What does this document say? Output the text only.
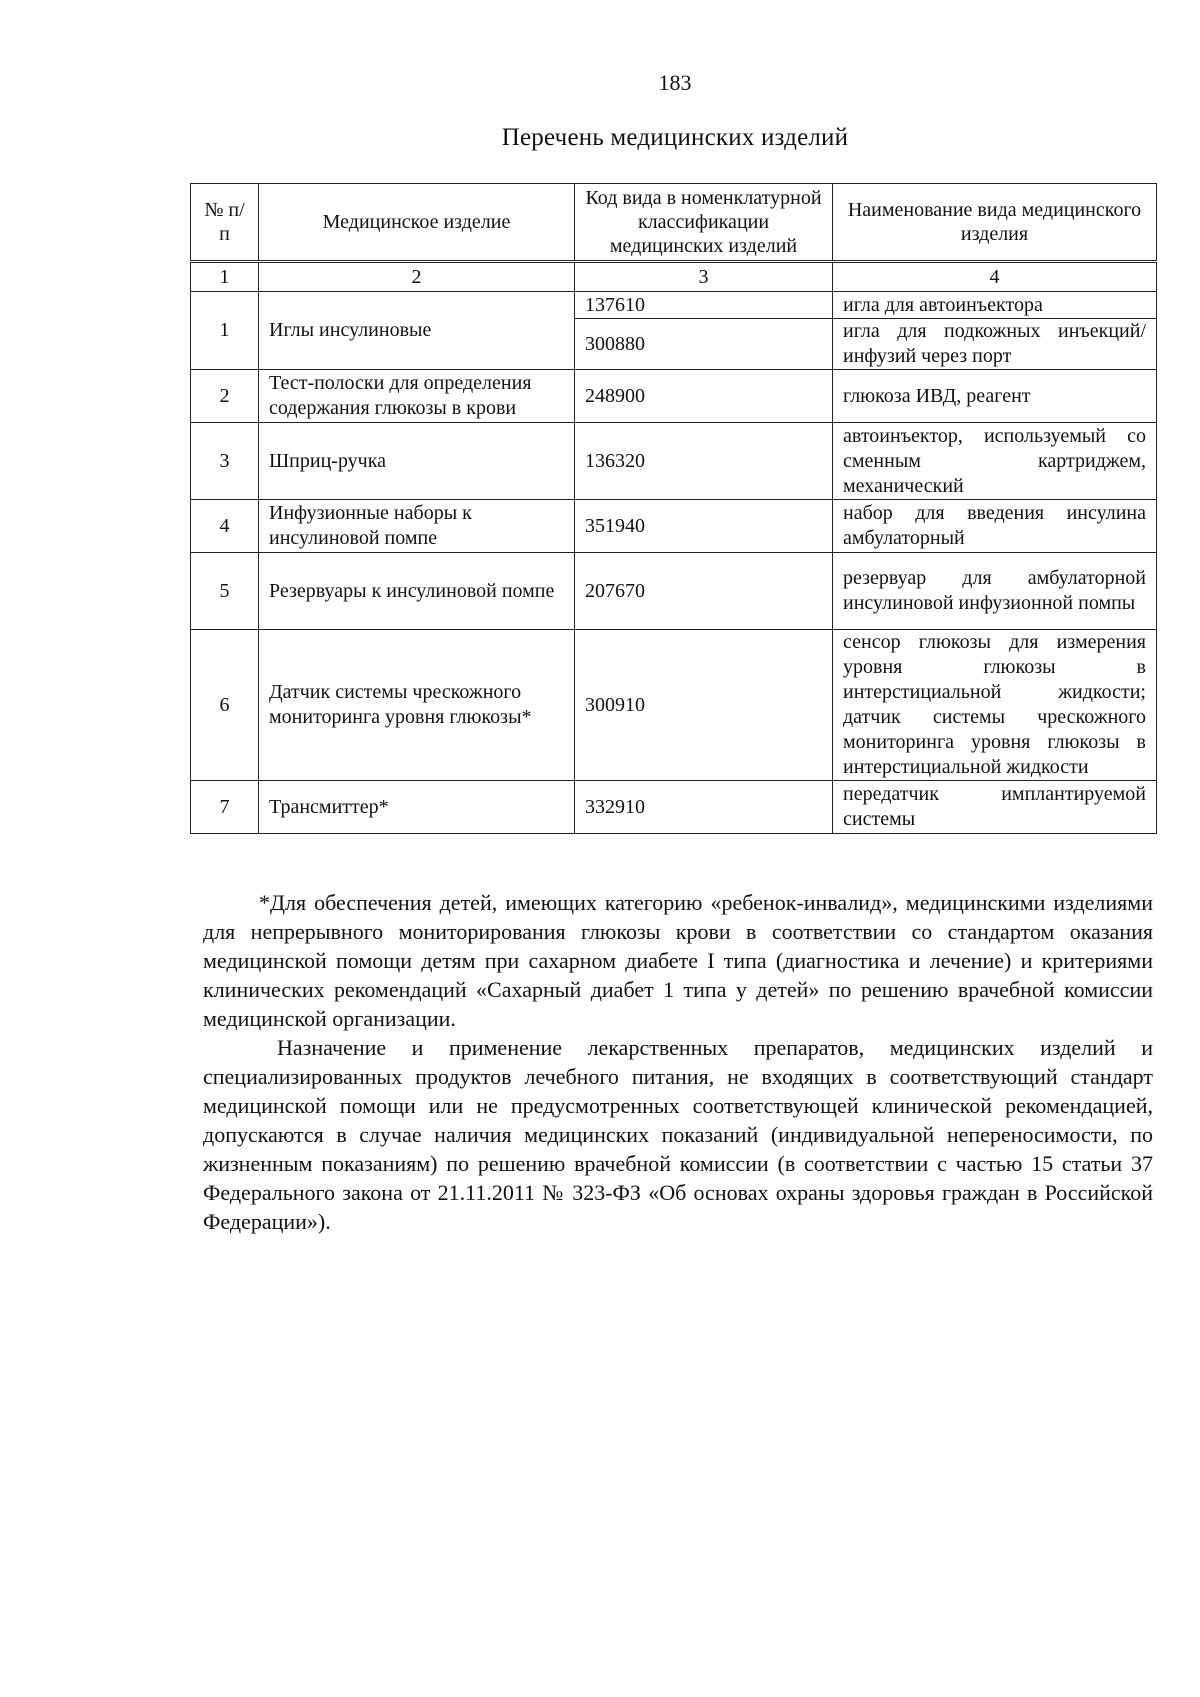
183
Перечень медицинских изделий
№ п/п	Медицинское изделие	Код вида в номенклатурной классификации медицинских изделий	Наименование вида медицинского изделия
1	2	3	4
1	Иглы инсулиновые	137610	игла для автоинъектора
		300880	игла для подкожных инъекций/инфузий через порт
2	Тест-полоски для определения содержания глюкозы в крови	248900	глюкоза ИВД, реагент
3	Шприц-ручка	136320	автоинъектор, используемый со сменным картриджем, механический
4	Инфузионные наборы к инсулиновой помпе	351940	набор для введения инсулина амбулаторный
5	Резервуары к инсулиновой помпе	207670	резервуар для амбулаторной инсулиновой инфузионной помпы
6	Датчик системы чрескожного мониторинга уровня глюкозы*	300910	сенсор глюкозы для измерения уровня глюкозы в интерстициальной жидкости; датчик системы чрескожного мониторинга уровня глюкозы в интерстициальной жидкости
7	Трансмиттер*	332910	передатчик имплантируемой системы

*Для обеспечения детей, имеющих категорию «ребенок-инвалид», медицинскими изделиями для непрерывного мониторирования глюкозы крови в соответствии со стандартом оказания медицинской помощи детям при сахарном диабете I типа (диагностика и лечение) и критериями клинических рекомендаций «Сахарный диабет 1 типа у детей» по решению врачебной комиссии медицинской организации.

Назначение и применение лекарственных препаратов, медицинских изделий и специализированных продуктов лечебного питания, не входящих в соответствующий стандарт медицинской помощи или не предусмотренных соответствующей клинической рекомендацией, допускаются в случае наличия медицинских показаний (индивидуальной непереносимости, по жизненным показаниям) по решению врачебной комиссии (в соответствии с частью 15 статьи 37 Федерального закона от 21.11.2011 № 323-ФЗ «Об основах охраны здоровья граждан в Российской Федерации»).
